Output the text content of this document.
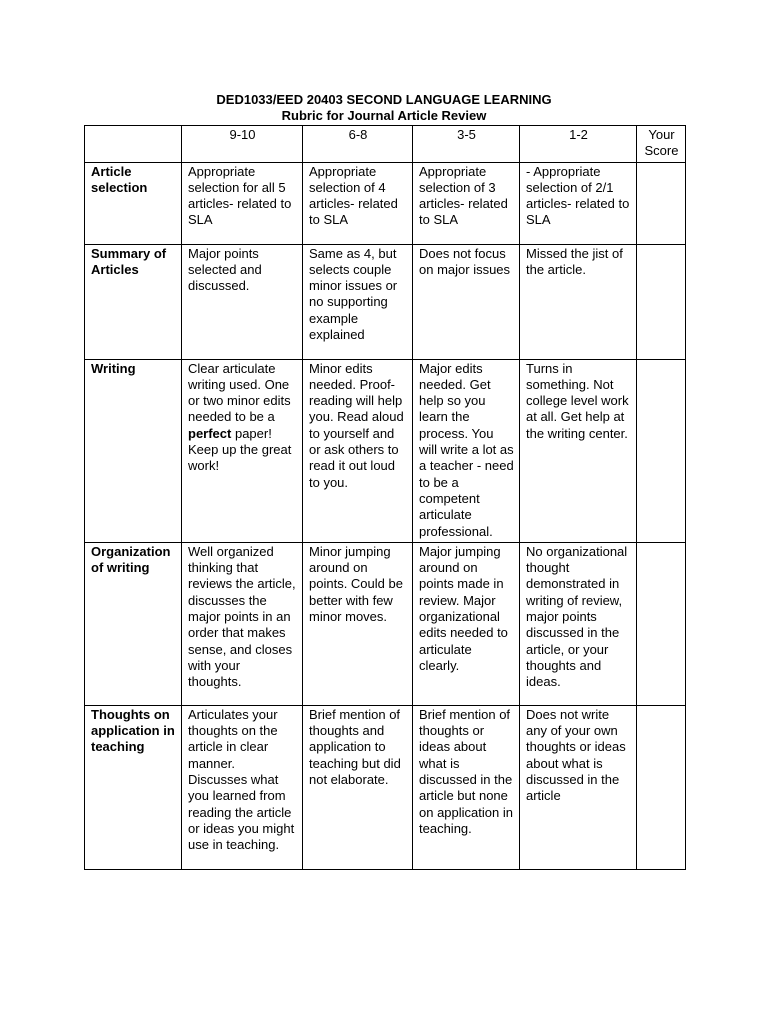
DED1033/EED 20403 SECOND LANGUAGE LEARNING
Rubric for Journal Article Review
	9-10	6-8	3-5	1-2	Your Score
Article selection	Appropriate selection for all 5 articles- related to SLA	Appropriate selection of 4 articles- related to SLA	Appropriate selection of 3 articles- related to SLA	- Appropriate selection of 2/1 articles- related to SLA	
Summary of Articles	Major points selected and discussed.	Same as 4, but selects couple minor issues or no supporting example explained	Does not focus on major issues	Missed the jist of the article.	
Writing	Clear articulate writing used. One or two minor edits needed to be a perfect paper! Keep up the great work!	Minor edits needed. Proof-reading will help you. Read aloud to yourself and or ask others to read it out loud to you.	Major edits needed. Get help so you learn the process. You will write a lot as a teacher - need to be a competent articulate professional.	Turns in something. Not college level work at all. Get help at the writing center.	
Organization of writing	Well organized thinking that reviews the article, discusses the major points in an order that makes sense, and closes with your thoughts.	Minor jumping around on points. Could be better with few minor moves.	Major jumping around on points made in review. Major organizational edits needed to articulate clearly.	No organizational thought demonstrated in writing of review, major points discussed in the article, or your thoughts and ideas.	
Thoughts on application in teaching	Articulates your thoughts on the article in clear manner. Discusses what you learned from reading the article or ideas you might use in teaching.	Brief mention of thoughts and application to teaching but did not elaborate.	Brief mention of thoughts or ideas about what is discussed in the article but none on application in teaching.	Does not write any of your own thoughts or ideas about what is discussed in the article	
